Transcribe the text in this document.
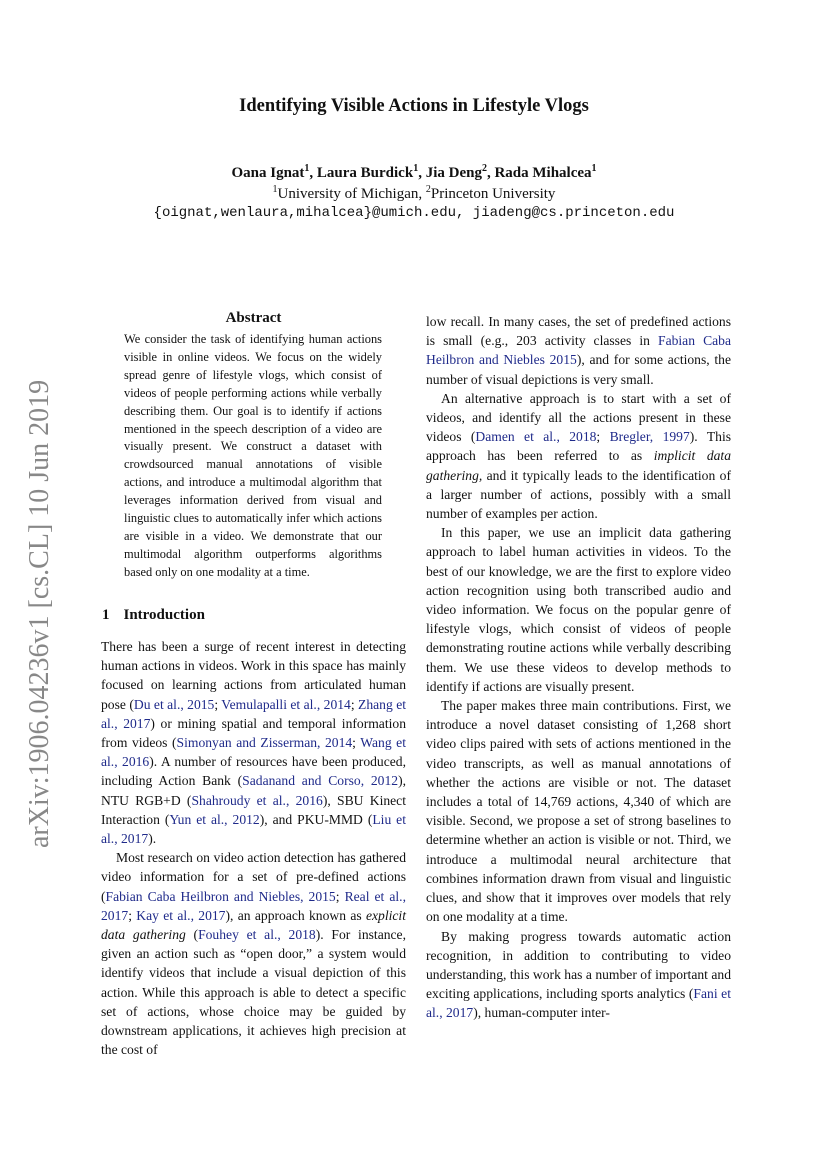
Identifying Visible Actions in Lifestyle Vlogs
Oana Ignat$^1$, Laura Burdick$^1$, Jia Deng$^2$, Rada Mihalcea$^1$
$^1$University of Michigan, $^2$Princeton University
{oignat,wenlaura,mihalcea}@umich.edu, jiadeng@cs.princeton.edu
arXiv:1906.04236v1 [cs.CL] 10 Jun 2019
Abstract

We consider the task of identifying human actions visible in online videos. We focus on the widely spread genre of lifestyle vlogs, which consist of videos of people performing actions while verbally describing them. Our goal is to identify if actions mentioned in the speech description of a video are visually present. We construct a dataset with crowdsourced manual annotations of visible actions, and introduce a multimodal algorithm that leverages information derived from visual and linguistic clues to automatically infer which actions are visible in a video. We demonstrate that our multimodal algorithm outperforms algorithms based only on one modality at a time.

1 Introduction

There has been a surge of recent interest in detecting human actions in videos. Work in this space has mainly focused on learning actions from articulated human pose (Du et al., 2015; Vemulapalli et al., 2014; Zhang et al., 2017) or mining spatial and temporal information from videos (Simonyan and Zisserman, 2014; Wang et al., 2016). A number of resources have been produced, including Action Bank (Sadanand and Corso, 2012), NTU RGB+D (Shahroudy et al., 2016), SBU Kinect Interaction (Yun et al., 2012), and PKU-MMD (Liu et al., 2017).

Most research on video action detection has gathered video information for a set of pre-defined actions (Fabian Caba Heilbron and Niebles, 2015; Real et al., 2017; Kay et al., 2017), an approach known as explicit data gathering (Fouhey et al., 2018). For instance, given an action such as “open door,” a system would identify videos that include a visual depiction of this action. While this approach is able to detect a specific set of actions, whose choice may be guided by downstream applications, it achieves high precision at the cost of

low recall. In many cases, the set of predefined actions is small (e.g., 203 activity classes in Fabian Caba Heilbron and Niebles 2015), and for some actions, the number of visual depictions is very small.

An alternative approach is to start with a set of videos, and identify all the actions present in these videos (Damen et al., 2018; Bregler, 1997). This approach has been referred to as implicit data gathering, and it typically leads to the identification of a larger number of actions, possibly with a small number of examples per action.

In this paper, we use an implicit data gathering approach to label human activities in videos. To the best of our knowledge, we are the first to explore video action recognition using both transcribed audio and video information. We focus on the popular genre of lifestyle vlogs, which consist of videos of people demonstrating routine actions while verbally describing them. We use these videos to develop methods to identify if actions are visually present.

The paper makes three main contributions. First, we introduce a novel dataset consisting of 1,268 short video clips paired with sets of actions mentioned in the video transcripts, as well as manual annotations of whether the actions are visible or not. The dataset includes a total of 14,769 actions, 4,340 of which are visible. Second, we propose a set of strong baselines to determine whether an action is visible or not. Third, we introduce a multimodal neural architecture that combines information drawn from visual and linguistic clues, and show that it improves over models that rely on one modality at a time.

By making progress towards automatic action recognition, in addition to contributing to video understanding, this work has a number of important and exciting applications, including sports analytics (Fani et al., 2017), human-computer inter-
